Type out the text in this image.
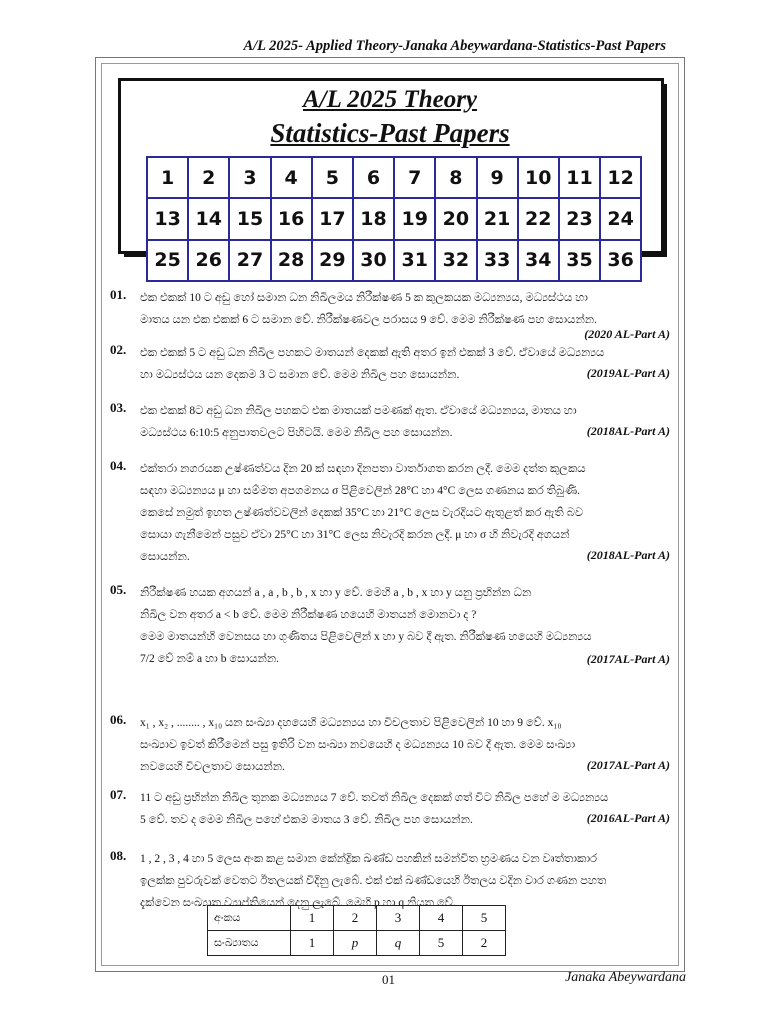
A/L 2025- Applied Theory-Janaka Abeywardana-Statistics-Past Papers
A/L 2025 Theory
Statistics-Past Papers
1	2	3	4	5	6	7	8	9	10 11 12
13 14 15 16 17 18 19 20 21 22 23 24
25 26 27 28 29 30 31 32 33 34 35 36
01. එක එකක් 10 ට අඩු හෝ සමාන ධන නිඛිලමය නිරීක්ෂණ 5 ක කුලකයක මධ්‍යන්‍යය, මධ්‍යස්ථය හා
මාතය යන එක එකක් 6 ට සමාන වේ. නිරීක්ෂණවල පරාසය 9 වේ. මෙම නිරීක්ෂණ පහ සොයන්න.
(2020 AL-Part A)
02. එක එකක් 5 ට අඩු ධන නිඛිල පහකට මාතයන් දෙකක් ඇති අතර ඉන් එකක් 3 වේ. ඒවායේ මධ්‍යන්‍යය
හා මධ්‍යස්ථය යන දෙකම 3 ට සමාන වේ. මෙම නිඛිල පහ සොයන්න.	(2019AL-Part A)
03. එක එකක් 8ට අඩු ධන නිඛිල පහකට එක මාතයක් පමණක් ඇත. ඒවායේ මධ්‍යන්‍යය, මාතය හා
මධ්‍යස්ථය 6:10:5 අනුපාතවලට පිහිටයි. මෙම නිඛිල පහ සොයන්න.	(2018AL-Part A)
04. එක්තරා නගරයක උෂ්ණත්වය දින 20 ක් සඳහා දිනපතා වාර්තාගත කරන ලදී. මෙම දත්ත කුලකය
සඳහා මධ්‍යන්‍යය μ හා සම්මත අපගමනය σ පිළිවෙලින් 28°C හා 4°C ලෙස ගණනය කර තිබුණි.
කෙසේ නමුත් ඉහත උෂ්ණත්වවලින් දෙකක් 35°C හා 21°C ලෙස වැරදියට ඇතුළත් කර ඇති බව
සොයා ගැනීමෙන් පසුව ඒවා 25°C හා 31°C ලෙස නිවැරදි කරන ලදී. μ හා σ හි නිවැරදි අගයන්
සොයන්න.	(2018AL-Part A)
05. නිරීක්ෂණ හයක අගයන් a , a , b , b , x හා y වේ. මෙහි a , b , x හා y යනු ප්‍රභින්න ධන
නිඛිල වන අතර a < b වේ. මෙම නිරීක්ෂණ හයෙහි මාතයන් මොනවා ද ?
මෙම මාතයන්හි වෙනසය හා ගුණිතය පිළිවෙලින් x හා y බව දී ඇත. නිරීක්ෂණ හයෙහි මධ්‍යන්‍යය
7/2 වේ නම් a හා b සොයන්න.	(2017AL-Part A)
06. x₁ , x₂ , ........ , x₁₀ යන සංඛ්‍යා දහයෙහි මධ්‍යන්‍යය හා විචලතාව පිළිවෙලින් 10 හා 9 වේ. x₁₀
සංඛ්‍යාව ඉවත් කිරීමෙන් පසු ඉතිරි වන සංඛ්‍යා නවයෙහි ද මධ්‍යන්‍යය 10 බව දී ඇත. මෙම සංඛ්‍යා
නවයෙහි විචලතාව සොයන්න.	(2017AL-Part A)
07. 11 ට අඩු ප්‍රභින්න නිඛිල තුනක මධ්‍යන්‍යය 7 වේ. තවත් නිඛිල දෙකක් ගත් විට නිඛිල පහේ ම මධ්‍යන්‍යය
5 වේ. තව ද මෙම නිඛිල පහේ එකම මාතය 3 වේ. නිඛිල පහ සොයන්න.	(2016AL-Part A)
08. 1 , 2 , 3 , 4 හා 5 ලෙස අංක කළ සමාන කේන්ද්‍රික ඛණ්ඩ පහකින් සමන්විත භ්‍රමණය වන වෘත්තාකාර
ඉලක්ක පුවරුවක් වෙතට ඊතලයක් විදිනු ලැබේ. එක් එක් ඛණ්ඩයෙහි ඊතලය වදින වාර ගණන පහත
දැක්වෙන සංඛ්‍යාත ව්‍යාප්තියෙන් දෙනු ලැබේ. මෙහි p හා q නියත වේ.
අංකය	1	2	3	4	5
සංඛ්‍යාතය	1	p	q	5	2
01	Janaka Abeywardana
